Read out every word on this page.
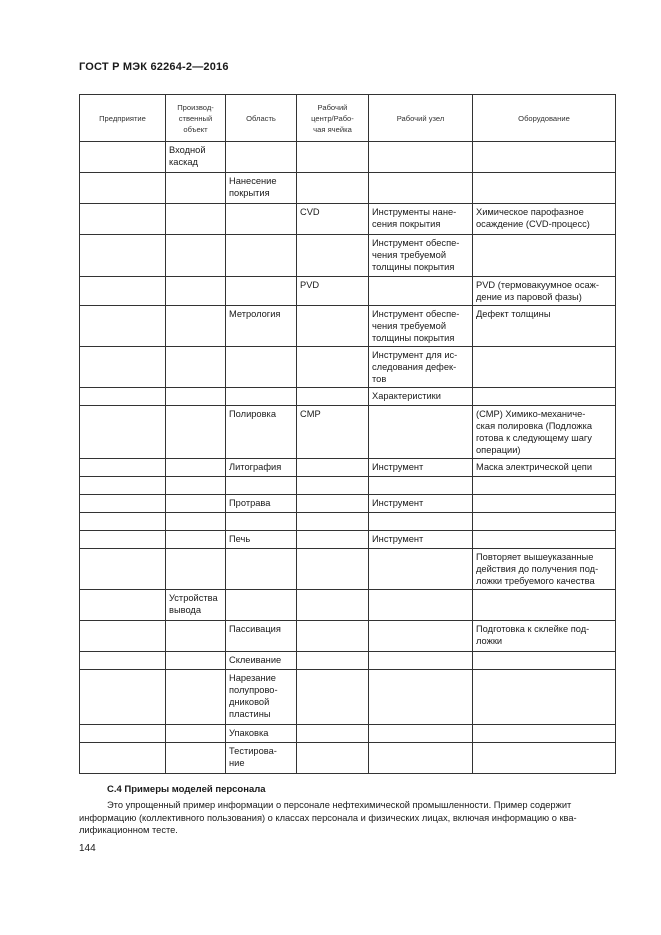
ГОСТ Р МЭК 62264-2—2016
Предприятие	Производ-
ственный
объект	Область	Рабочий
центр/Рабо-
чая ячейка	Рабочий узел	Оборудование

	Входной
каскад				

		Нанесение
покрытия			

			CVD	Инструменты нане-
сения покрытия	Химическое парофазное
осаждение (CVD-процесс)

				Инструмент обеспе-
чения требуемой
толщины покрытия	

			PVD		PVD (термовакуумное осаж-
дение из паровой фазы)

		Метрология		Инструмент обеспе-
чения требуемой
толщины покрытия	Дефект толщины

				Инструмент для ис-
следования дефек-
тов	

				Характеристики	

		Полировка	CMP		(CMP) Химико-механиче-
ская полировка (Подложка
готова к следующему шагу
операции)

		Литография		Инструмент	Маска электрической цепи

		Протрава		Инструмент	

		Печь		Инструмент	

					Повторяет вышеуказанные
действия до получения под-
ложки требуемого качества

	Устройства
вывода				

		Пассивация			Подготовка к склейке под-
ложки

		Склеивание			

		Нарезание
полупрово-
дниковой
пластины			

		Упаковка			

		Тестирова-
ние			

С.4 Примеры моделей персонала
Это упрощенный пример информации о персонале нефтехимической промышленности. Пример содержит
информацию (коллективного пользования) о классах персонала и физических лицах, включая информацию о ква-
лификационном тесте.
144
